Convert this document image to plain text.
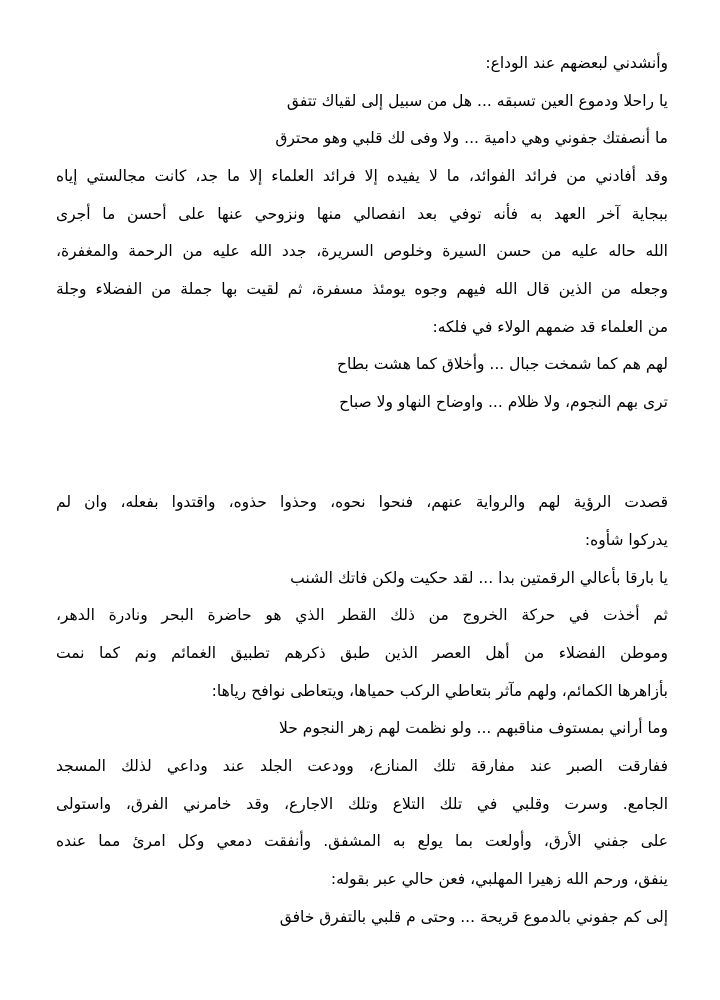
وأنشدني لبعضهم عند الوداع:
يا راحلا ودموع العين تسبقه ... هل من سبيل إلى لقياك تتفق
ما أنصفتك جفوني وهي دامية ... ولا وفى لك قلبي وهو محترق
وقد أفادني من فرائد الفوائد، ما لا يفيده إلا فرائد العلماء إلا ما جد، كانت مجالستي إياه
ببجاية آخر العهد به فأنه توفي بعد انفصالي منها ونزوحي عنها على أحسن ما أجرى
الله حاله عليه من حسن السيرة وخلوص السريرة، جدد الله عليه من الرحمة والمغفرة،
وجعله من الذين قال الله فيهم وجوه يومئذ مسفرة، ثم لقيت بها جملة من الفضلاء وجلة
من العلماء قد ضمهم الولاء في فلكه:
لهم هم كما شمخت جبال ... وأخلاق كما هشت بطاح
ترى بهم النجوم، ولا ظلام ... واوضاح النهاو ولا صباح
قصدت الرؤية لهم والرواية عنهم، فنحوا نحوه، وحذوا حذوه، واقتدوا بفعله، وان لم
يدركوا شأوه:
يا بارقا بأعالي الرقمتين بدا ... لقد حكيت ولكن فاتك الشنب
ثم أخذت في حركة الخروج من ذلك القطر الذي هو حاضرة البحر ونادرة الدهر،
وموطن الفضلاء من أهل العصر الذين طبق ذكرهم تطبيق الغمائم ونم كما نمت
بأزاهرها الكمائم، ولهم مآثر بتعاطي الركب حمياها، ويتعاطى نوافح رياها:
وما أراني بمستوف مناقبهم ... ولو نظمت لهم زهر النجوم حلا
ففارقت الصبر عند مفارقة تلك المنازع، وودعت الجلد عند وداعي لذلك المسجد
الجامع. وسرت وقلبي في تلك التلاع وتلك الاجارع، وقد خامرني الفرق، واستولى
على جفني الأرق، وأولعت بما يولع به المشفق. وأنفقت دمعي وكل امرئ مما عنده
ينفق، ورحم الله زهيرا المهلبي، فعن حالي عبر بقوله:
إلى كم جفوني بالدموع قريحة ... وحتى م قلبي بالتفرق خافق
